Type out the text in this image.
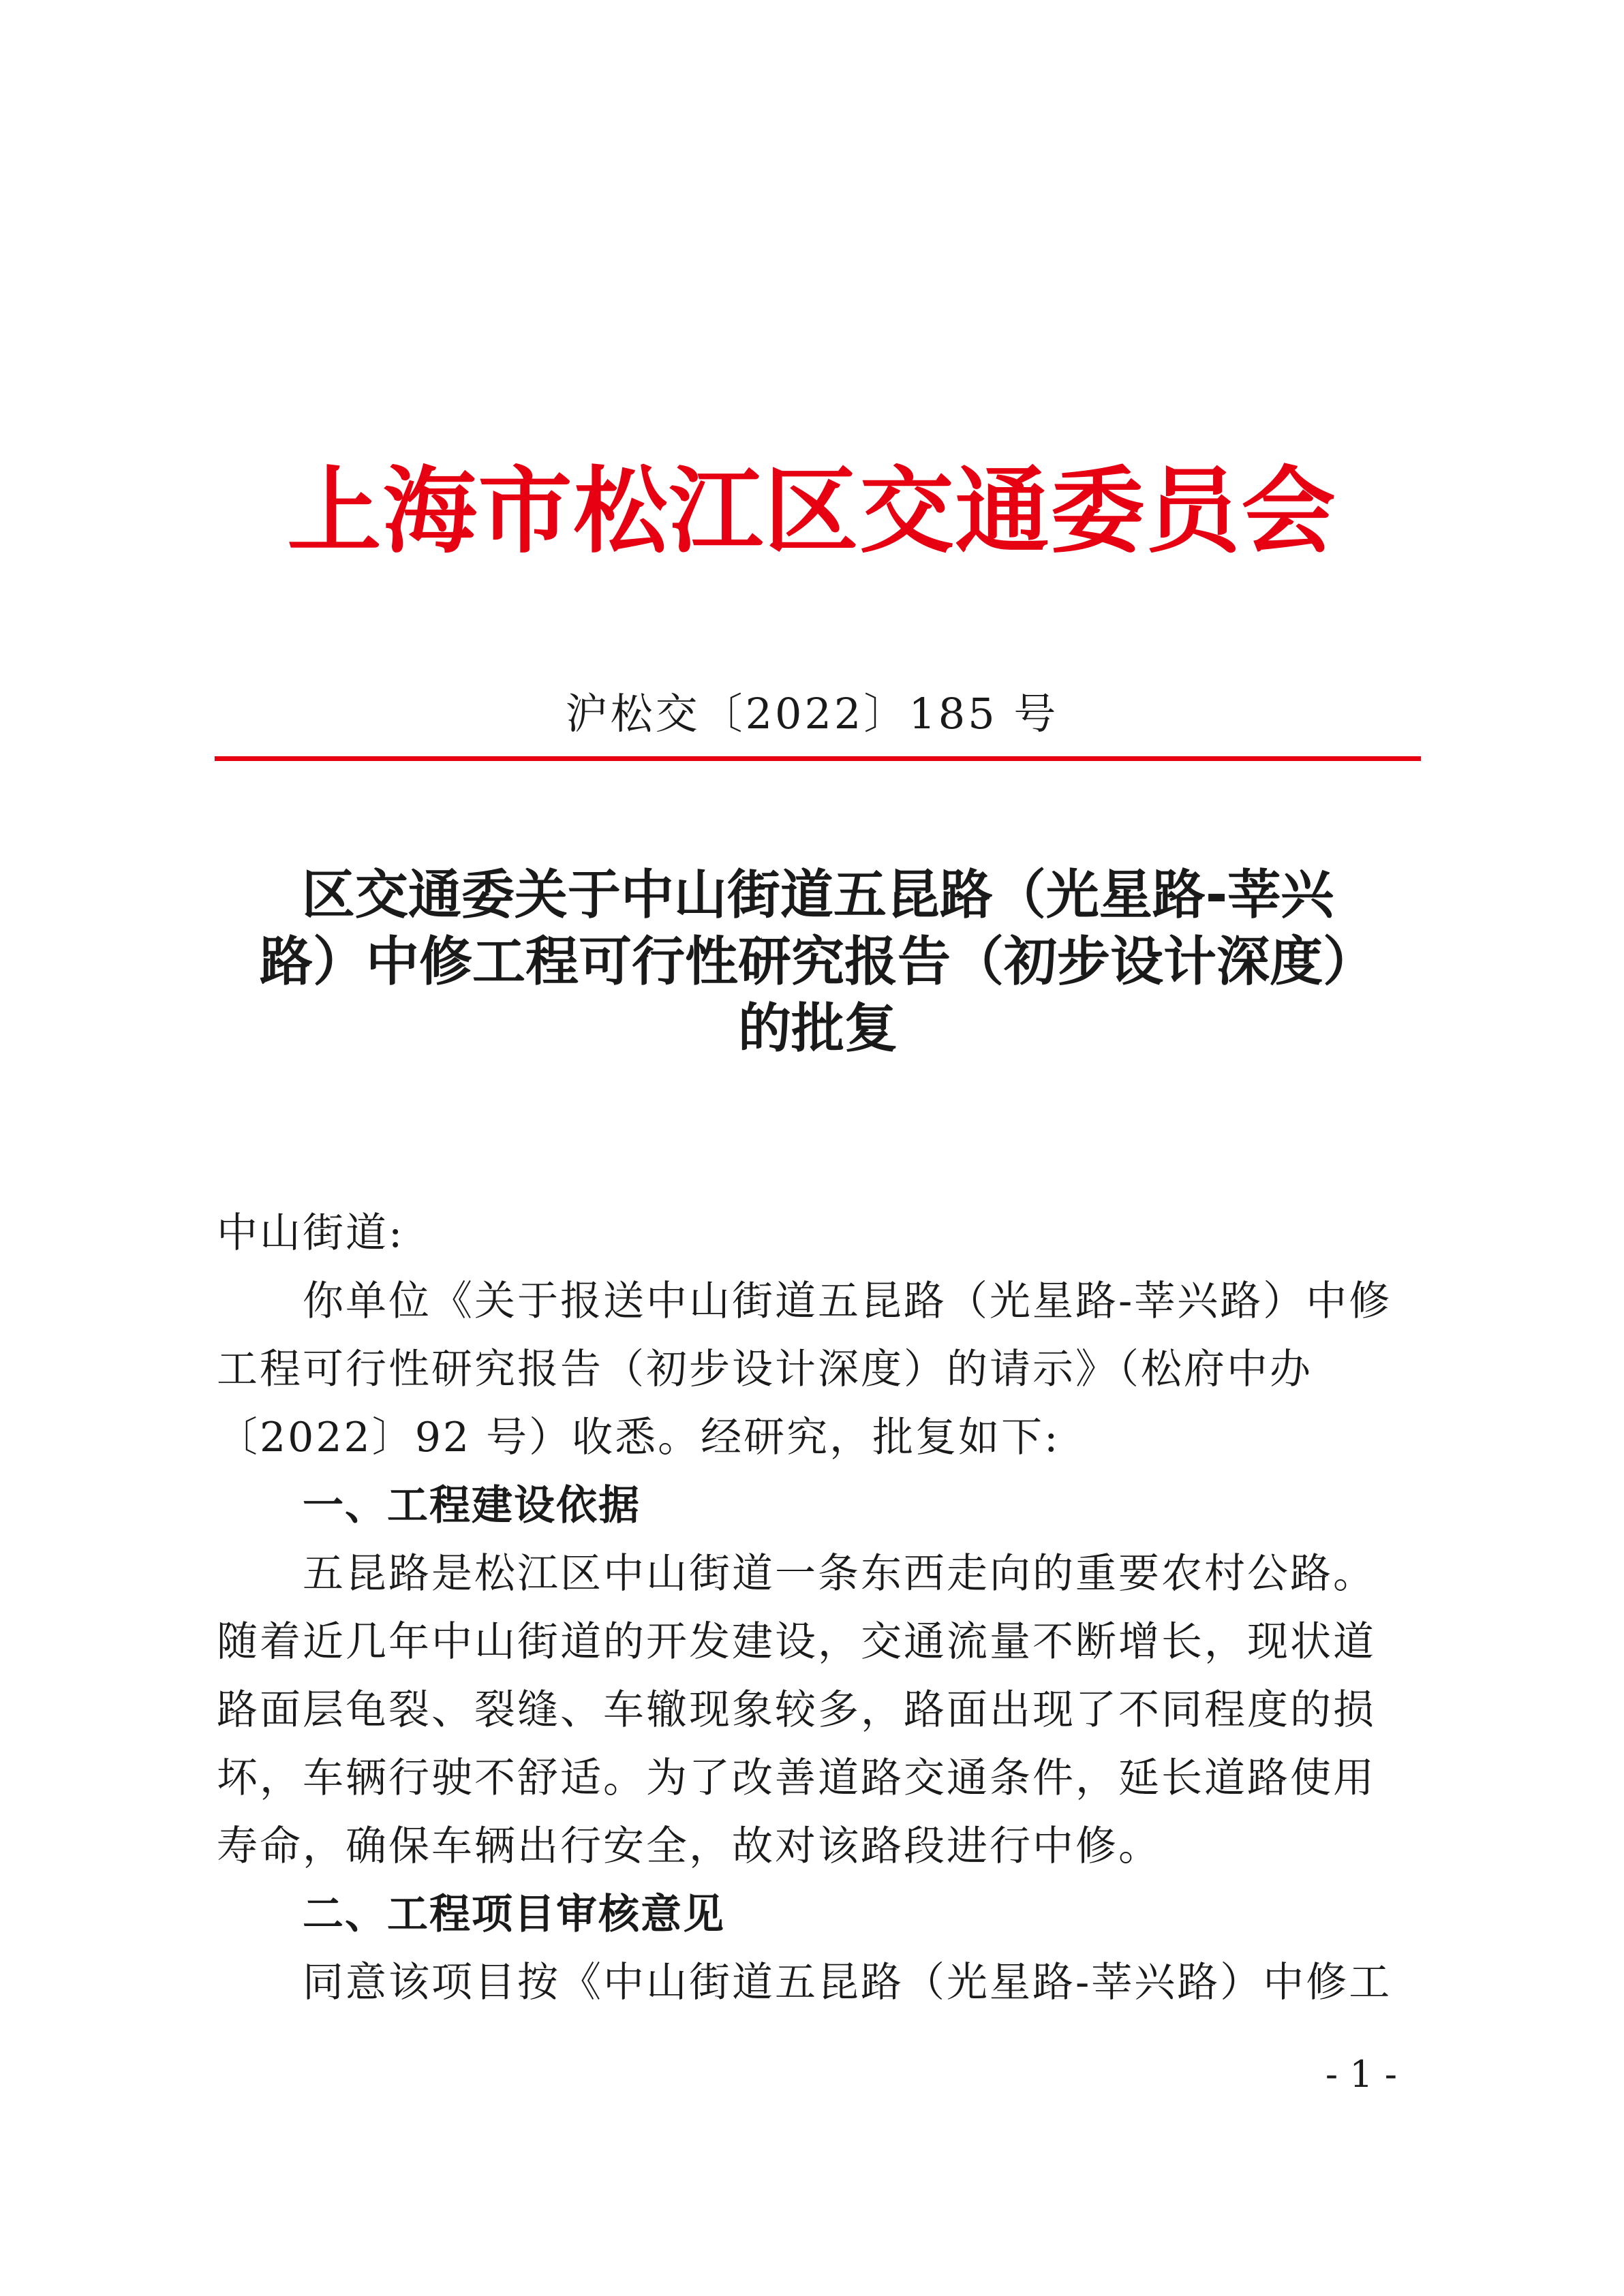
上海市松江区交通委员会
沪松交〔2022〕185 号
区交通委关于中山街道五昆路（光星路-莘兴
路）中修工程可行性研究报告（初步设计深度）
的批复

中山街道:

你单位《关于报送中山街道五昆路（光星路-莘兴路）中修

工程可行性研究报告（初步设计深度）的请示》（松府中办

〔2022〕92 号）收悉。经研究，批复如下:

一、工程建设依据

五昆路是松江区中山街道一条东西走向的重要农村公路。

随着近几年中山街道的开发建设，交通流量不断增长，现状道

路面层龟裂、裂缝、车辙现象较多，路面出现了不同程度的损

坏，车辆行驶不舒适。为了改善道路交通条件，延长道路使用

寿命，确保车辆出行安全，故对该路段进行中修。

二、工程项目审核意见

同意该项目按《中山街道五昆路（光星路-莘兴路）中修工

- 1 -
